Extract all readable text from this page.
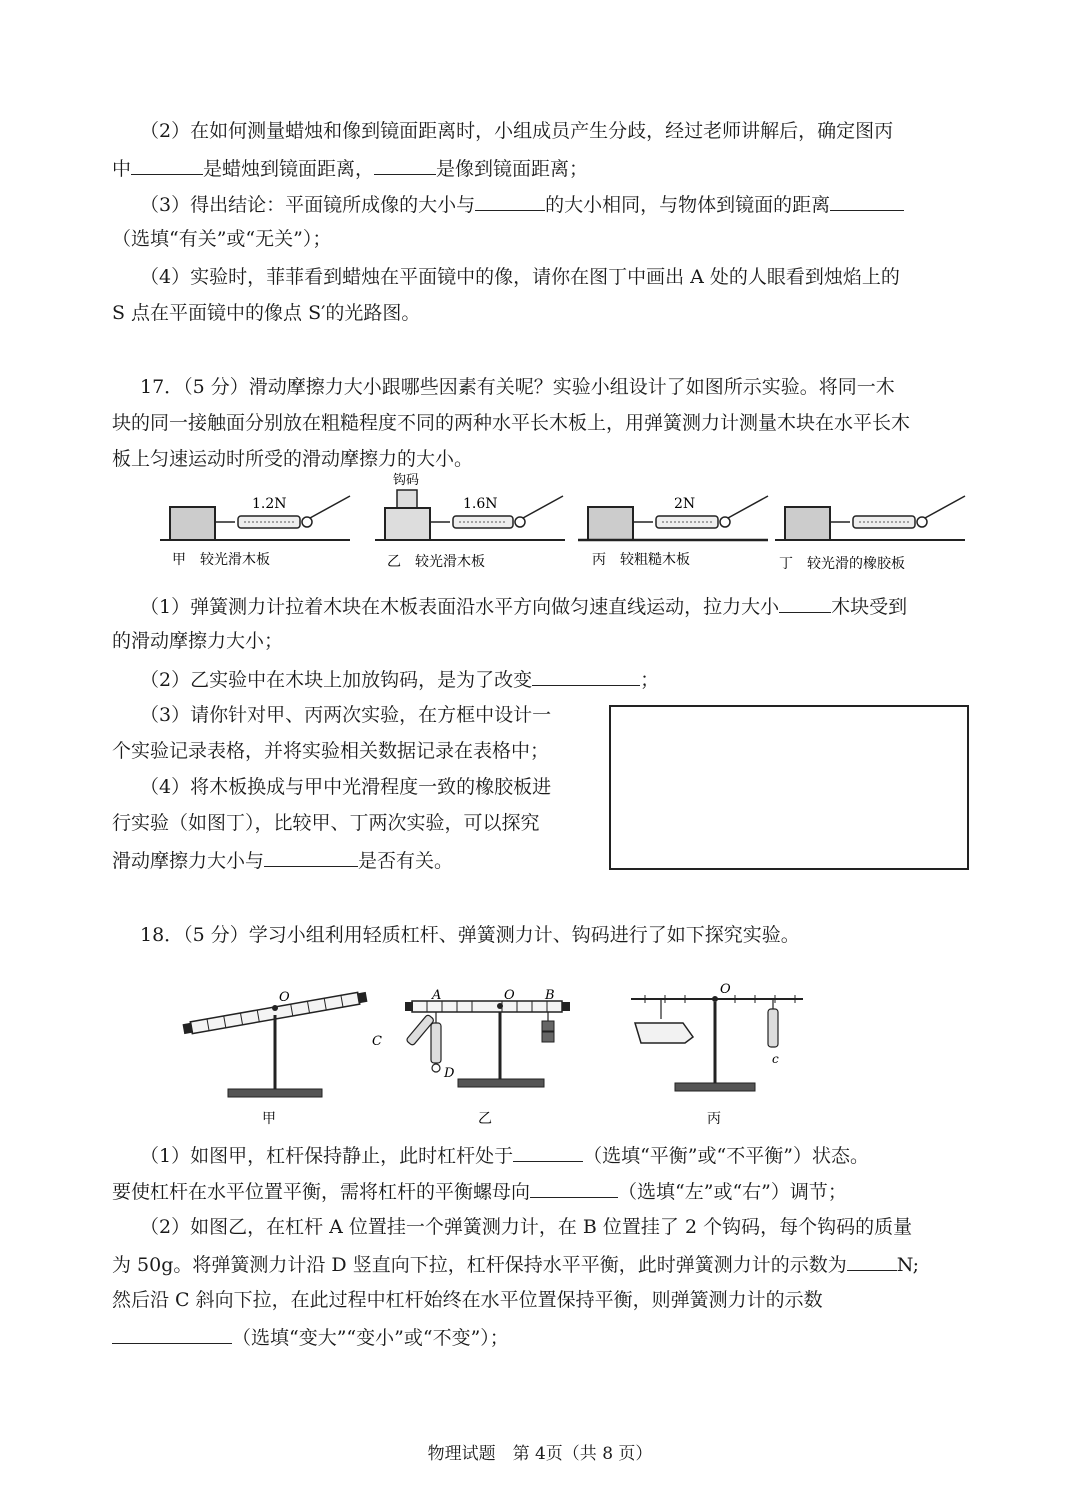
（2）在如何测量蜡烛和像到镜面距离时，小组成员产生分歧，经过老师讲解后，确定图丙
中	是蜡烛到镜面距离，	是像到镜面距离；
（3）得出结论：平面镜所成像的大小与	的大小相同，与物体到镜面的距离
（选填“有关”或“无关”）；
（4）实验时，菲菲看到蜡烛在平面镜中的像，请你在图丁中画出 A 处的人眼看到烛焰上的
S 点在平面镜中的像点 S′的光路图。
17．（5 分）滑动摩擦力大小跟哪些因素有关呢？实验小组设计了如图所示实验。将同一木
块的同一接触面分别放在粗糙程度不同的两种水平长木板上，用弹簧测力计测量木块在水平长木
板上匀速运动时所受的滑动摩擦力的大小。
1.2N
甲　较光滑木板
钩码
1.6N
乙　较光滑木板
2N
丙　较粗糙木板	丁　较光滑的橡胶板
（1）弹簧测力计拉着木块在木板表面沿水平方向做匀速直线运动，拉力大小	木块受到
的滑动摩擦力大小；
（2）乙实验中在木块上加放钩码，是为了改变	；
（3）请你针对甲、丙两次实验，在方框中设计一
个实验记录表格，并将实验相关数据记录在表格中；
（4）将木板换成与甲中光滑程度一致的橡胶板进
行实验（如图丁），比较甲、丁两次实验，可以探究
滑动摩擦力大小与	是否有关。
18．（5 分）学习小组利用轻质杠杆、弹簧测力计、钩码进行了如下探究实验。
O
甲
A	O B
D
C
乙
O
c
丙
（1）如图甲，杠杆保持静止，此时杠杆处于	（选填“平衡”或“不平衡”）状态。
要使杠杆在水平位置平衡，需将杠杆的平衡螺母向	（选填“左”或“右”）调节；
（2）如图乙，在杠杆 A 位置挂一个弹簧测力计，在 B 位置挂了 2 个钩码，每个钩码的质量
为 50g。将弹簧测力计沿 D 竖直向下拉，杠杆保持水平平衡，此时弹簧测力计的示数为	N;
然后沿 C 斜向下拉，在此过程中杠杆始终在水平位置保持平衡，则弹簧测力计的示数
（选填“变大”“变小”或“不变”）；
物理试题　第 4页（共 8 页）
